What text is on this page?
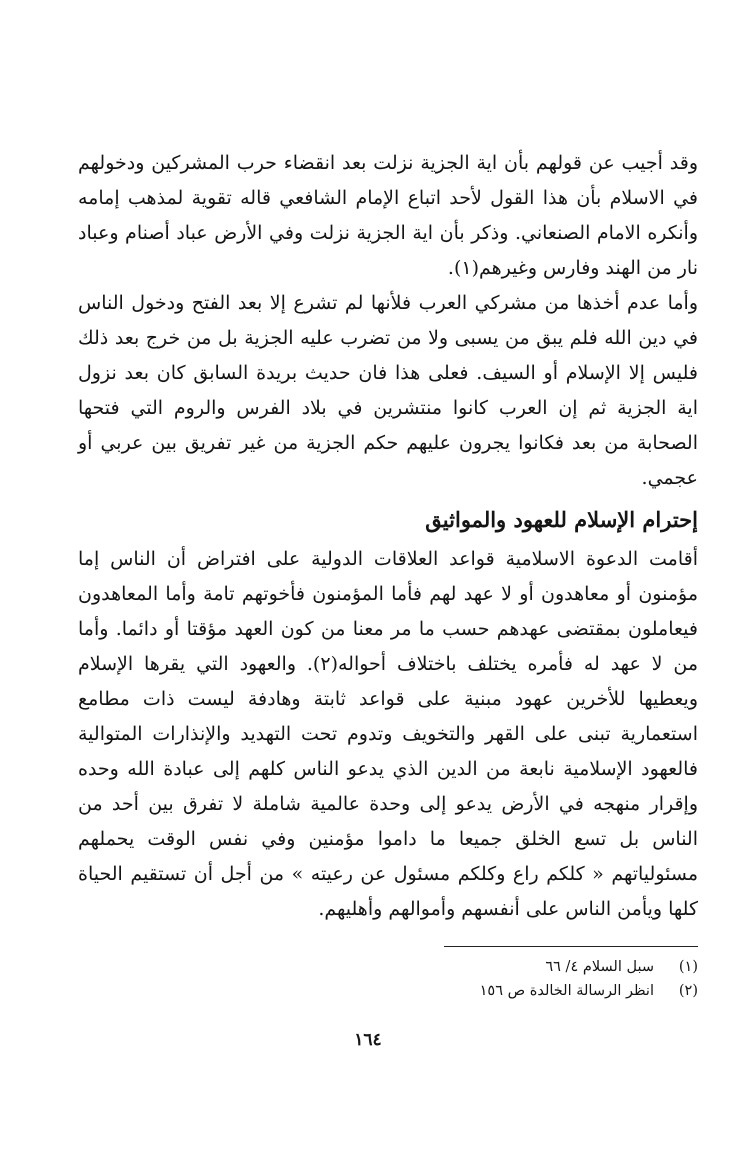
وقد أجيب عن قولهم بأن اية الجزية نزلت بعد انقضاء حرب المشركين ودخولهم في الاسلام بأن هذا القول لأحد اتباع الإمام الشافعي قاله تقوية لمذهب إمامه وأنكره الامام الصنعاني. وذكر بأن اية الجزية نزلت وفي الأرض عباد أصنام وعباد نار من الهند وفارس وغيرهم(١).

وأما عدم أخذها من مشركي العرب فلأنها لم تشرع إلا بعد الفتح ودخول الناس في دين الله فلم يبق من يسبى ولا من تضرب عليه الجزية بل من خرج بعد ذلك فليس إلا الإسلام أو السيف. فعلى هذا فان حديث بريدة السابق كان بعد نزول اية الجزية ثم إن العرب كانوا منتشرين في بلاد الفرس والروم التي فتحها الصحابة من بعد فكانوا يجرون عليهم حكم الجزية من غير تفريق بين عربي أو عجمي.

إحترام الإسلام للعهود والمواثيق

أقامت الدعوة الاسلامية قواعد العلاقات الدولية على افتراض أن الناس إما مؤمنون أو معاهدون أو لا عهد لهم فأما المؤمنون فأخوتهم تامة وأما المعاهدون فيعاملون بمقتضى عهدهم حسب ما مر معنا من كون العهد مؤقتا أو دائما. وأما من لا عهد له فأمره يختلف باختلاف أحواله(٢). والعهود التي يقرها الإسلام ويعطيها للأخرين عهود مبنية على قواعد ثابتة وهادفة ليست ذات مطامع استعمارية تبنى على القهر والتخويف وتدوم تحت التهديد والإنذارات المتوالية فالعهود الإسلامية نابعة من الدين الذي يدعو الناس كلهم إلى عبادة الله وحده وإقرار منهجه في الأرض يدعو إلى وحدة عالمية شاملة لا تفرق بين أحد من الناس بل تسع الخلق جميعا ما داموا مؤمنين وفي نفس الوقت يحملهم مسئولياتهم « كلكم راع وكلكم مسئول عن رعيته » من أجل أن تستقيم الحياة كلها ويأمن الناس على أنفسهم وأموالهم وأهليهم.

(١)سبل السلام ٤/ ٦٦
(٢)انظر الرسالة الخالدة ص ١٥٦
١٦٤
